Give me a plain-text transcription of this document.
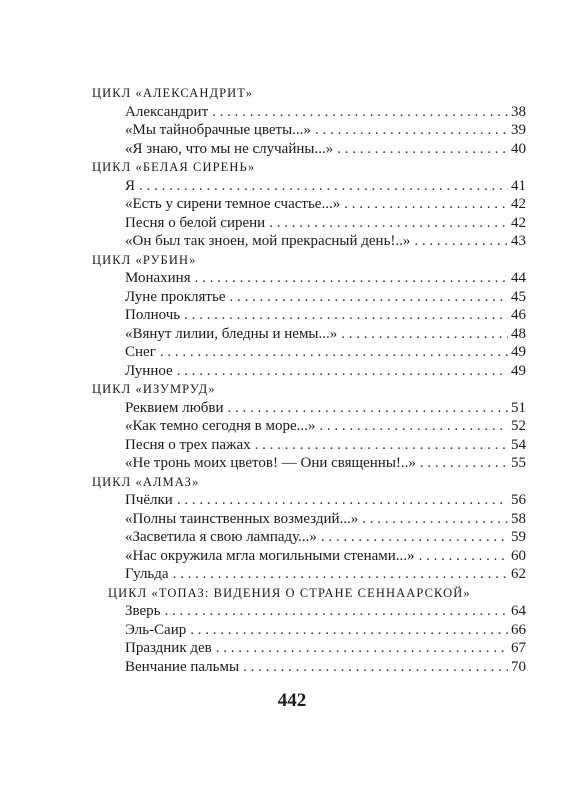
ЦИКЛ «АЛЕКСАНДРИТ»
Александрит . . .	38
«Мы тайнобрачные цветы...» . . .	39
«Я знаю, что мы не случайны...» . . .	40
ЦИКЛ «БЕЛАЯ СИРЕНЬ»
Я . . .	41
«Есть у сирени темное счастье...» . . .	42
Песня о белой сирени . . .	42
«Он был так зноен, мой прекрасный день!..» . . .	43
ЦИКЛ «РУБИН»
Монахиня . . .	44
Луне проклятье . . .	45
Полночь . . .	46
«Вянут лилии, бледны и немы...» . . .	48
Снег . . .	49
Лунное . . .	49
ЦИКЛ «ИЗУМРУД»
Реквием любви . . .	51
«Как темно сегодня в море...» . . .	52
Песня о трех пажах . . .	54
«Не тронь моих цветов! — Они священны!..» . . .	55
ЦИКЛ «АЛМАЗ»
Пчёлки . . .	56
«Полны таинственных возмездий...» . . .	58
«Засветила я свою лампаду...» . . .	59
«Нас окружила мгла могильными стенами...» . . .	60
Гульда . . .	62
ЦИКЛ «ТОПАЗ: ВИДЕНИЯ О СТРАНЕ СЕННААРСКОЙ»
Зверь . . .	64
Эль-Саир . . .	66
Праздник дев . . .	67
Венчание пальмы . . .	70
442
